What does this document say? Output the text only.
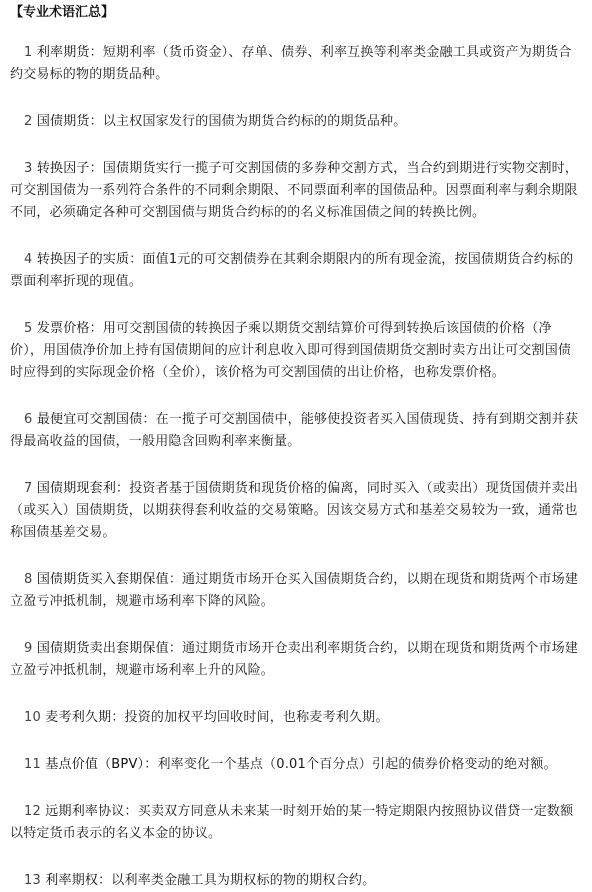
【专业术语汇总】

1 利率期货：短期利率（货币资金）、存单、债券、利率互换等利率类金融工具或资产为期货合约交易标的物的期货品种。

2 国债期货：以主权国家发行的国债为期货合约标的的期货品种。

3 转换因子：国债期货实行一揽子可交割国债的多券种交割方式，当合约到期进行实物交割时，可交割国债为一系列符合条件的不同剩余期限、不同票面利率的国债品种。因票面利率与剩余期限不同，必须确定各种可交割国债与期货合约标的的名义标准国债之间的转换比例。

4 转换因子的实质：面值1元的可交割债券在其剩余期限内的所有现金流，按国债期货合约标的票面利率折现的现值。

5 发票价格：用可交割国债的转换因子乘以期货交割结算价可得到转换后该国债的价格（净价），用国债净价加上持有国债期间的应计利息收入即可得到国债期货交割时卖方出让可交割国债时应得到的实际现金价格（全价），该价格为可交割国债的出让价格，也称发票价格。

6 最便宜可交割国债：在一揽子可交割国债中，能够使投资者买入国债现货、持有到期交割并获得最高收益的国债，一般用隐含回购利率来衡量。

7 国债期现套利：投资者基于国债期货和现货价格的偏离，同时买入（或卖出）现货国债并卖出（或买入）国债期货，以期获得套利收益的交易策略。因该交易方式和基差交易较为一致，通常也称国债基差交易。

8 国债期货买入套期保值：通过期货市场开仓买入国债期货合约，以期在现货和期货两个市场建立盈亏冲抵机制，规避市场利率下降的风险。

9 国债期货卖出套期保值：通过期货市场开仓卖出利率期货合约，以期在现货和期货两个市场建立盈亏冲抵机制，规避市场利率上升的风险。

10 麦考利久期：投资的加权平均回收时间，也称麦考利久期。

11 基点价值（BPV）：利率变化一个基点（0.01个百分点）引起的债券价格变动的绝对额。

12 远期利率协议：买卖双方同意从未来某一时刻开始的某一特定期限内按照协议借贷一定数额以特定货币表示的名义本金的协议。

13 利率期权：以利率类金融工具为期权标的物的期权合约。
